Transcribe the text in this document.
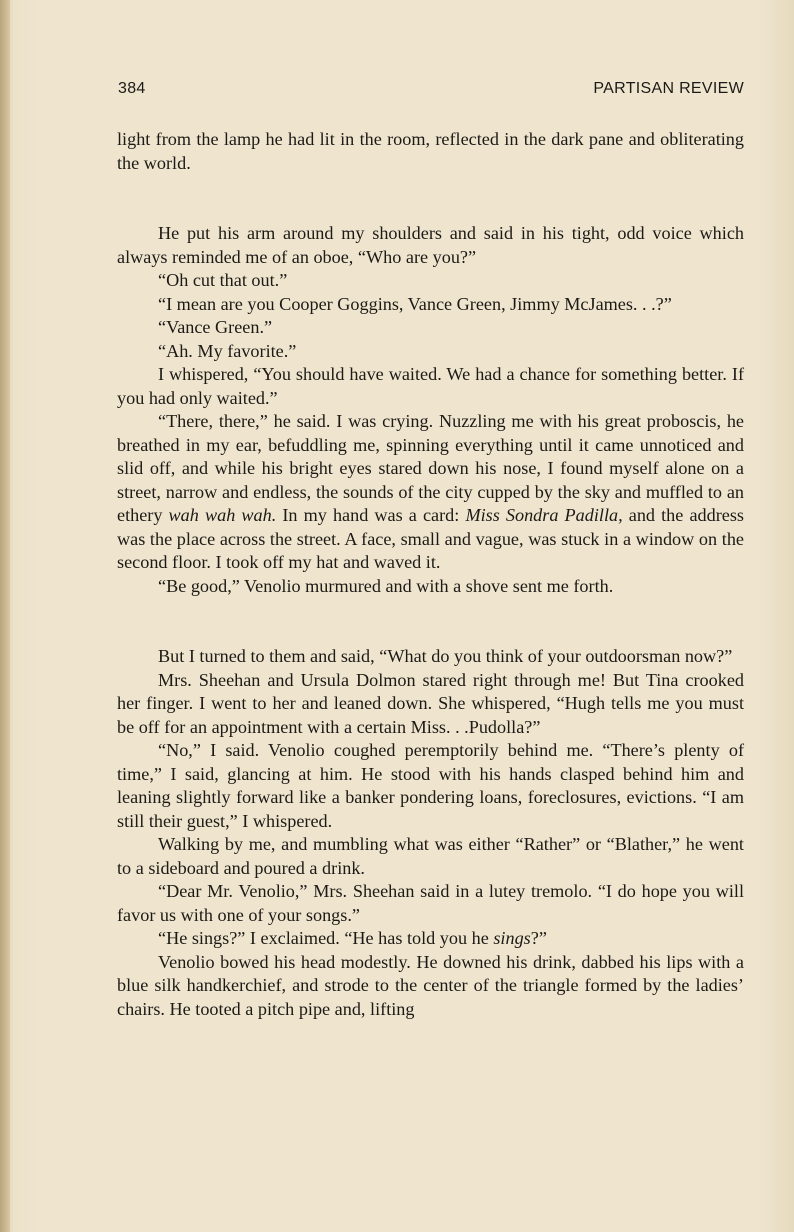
384	PARTISAN REVIEW

light from the lamp he had lit in the room, reflected in the dark pane and obliterating the world.

He put his arm around my shoulders and said in his tight, odd voice which always reminded me of an oboe, “Who are you?”

“Oh cut that out.”

“I mean are you Cooper Goggins, Vance Green, Jimmy McJames. . .?”

“Vance Green.”

“Ah. My favorite.”

I whispered, “You should have waited. We had a chance for something better. If you had only waited.”

“There, there,” he said. I was crying. Nuzzling me with his great proboscis, he breathed in my ear, befuddling me, spinning everything until it came unnoticed and slid off, and while his bright eyes stared down his nose, I found myself alone on a street, narrow and endless, the sounds of the city cupped by the sky and muffled to an ethery wah wah wah. In my hand was a card: Miss Sondra Padilla, and the address was the place across the street. A face, small and vague, was stuck in a window on the second floor. I took off my hat and waved it.

“Be good,” Venolio murmured and with a shove sent me forth.

But I turned to them and said, “What do you think of your outdoorsman now?”

Mrs. Sheehan and Ursula Dolmon stared right through me! But Tina crooked her finger. I went to her and leaned down. She whispered, “Hugh tells me you must be off for an appointment with a certain Miss. . .Pudolla?”

“No,” I said. Venolio coughed peremptorily behind me. “There’s plenty of time,” I said, glancing at him. He stood with his hands clasped behind him and leaning slightly forward like a banker pondering loans, foreclosures, evictions. “I am still their guest,” I whispered.

Walking by me, and mumbling what was either “Rather” or “Blather,” he went to a sideboard and poured a drink.

“Dear Mr. Venolio,” Mrs. Sheehan said in a lutey tremolo. “I do hope you will favor us with one of your songs.”

“He sings?” I exclaimed. “He has told you he sings?”

Venolio bowed his head modestly. He downed his drink, dabbed his lips with a blue silk handkerchief, and strode to the center of the triangle formed by the ladies’ chairs. He tooted a pitch pipe and, lifting
